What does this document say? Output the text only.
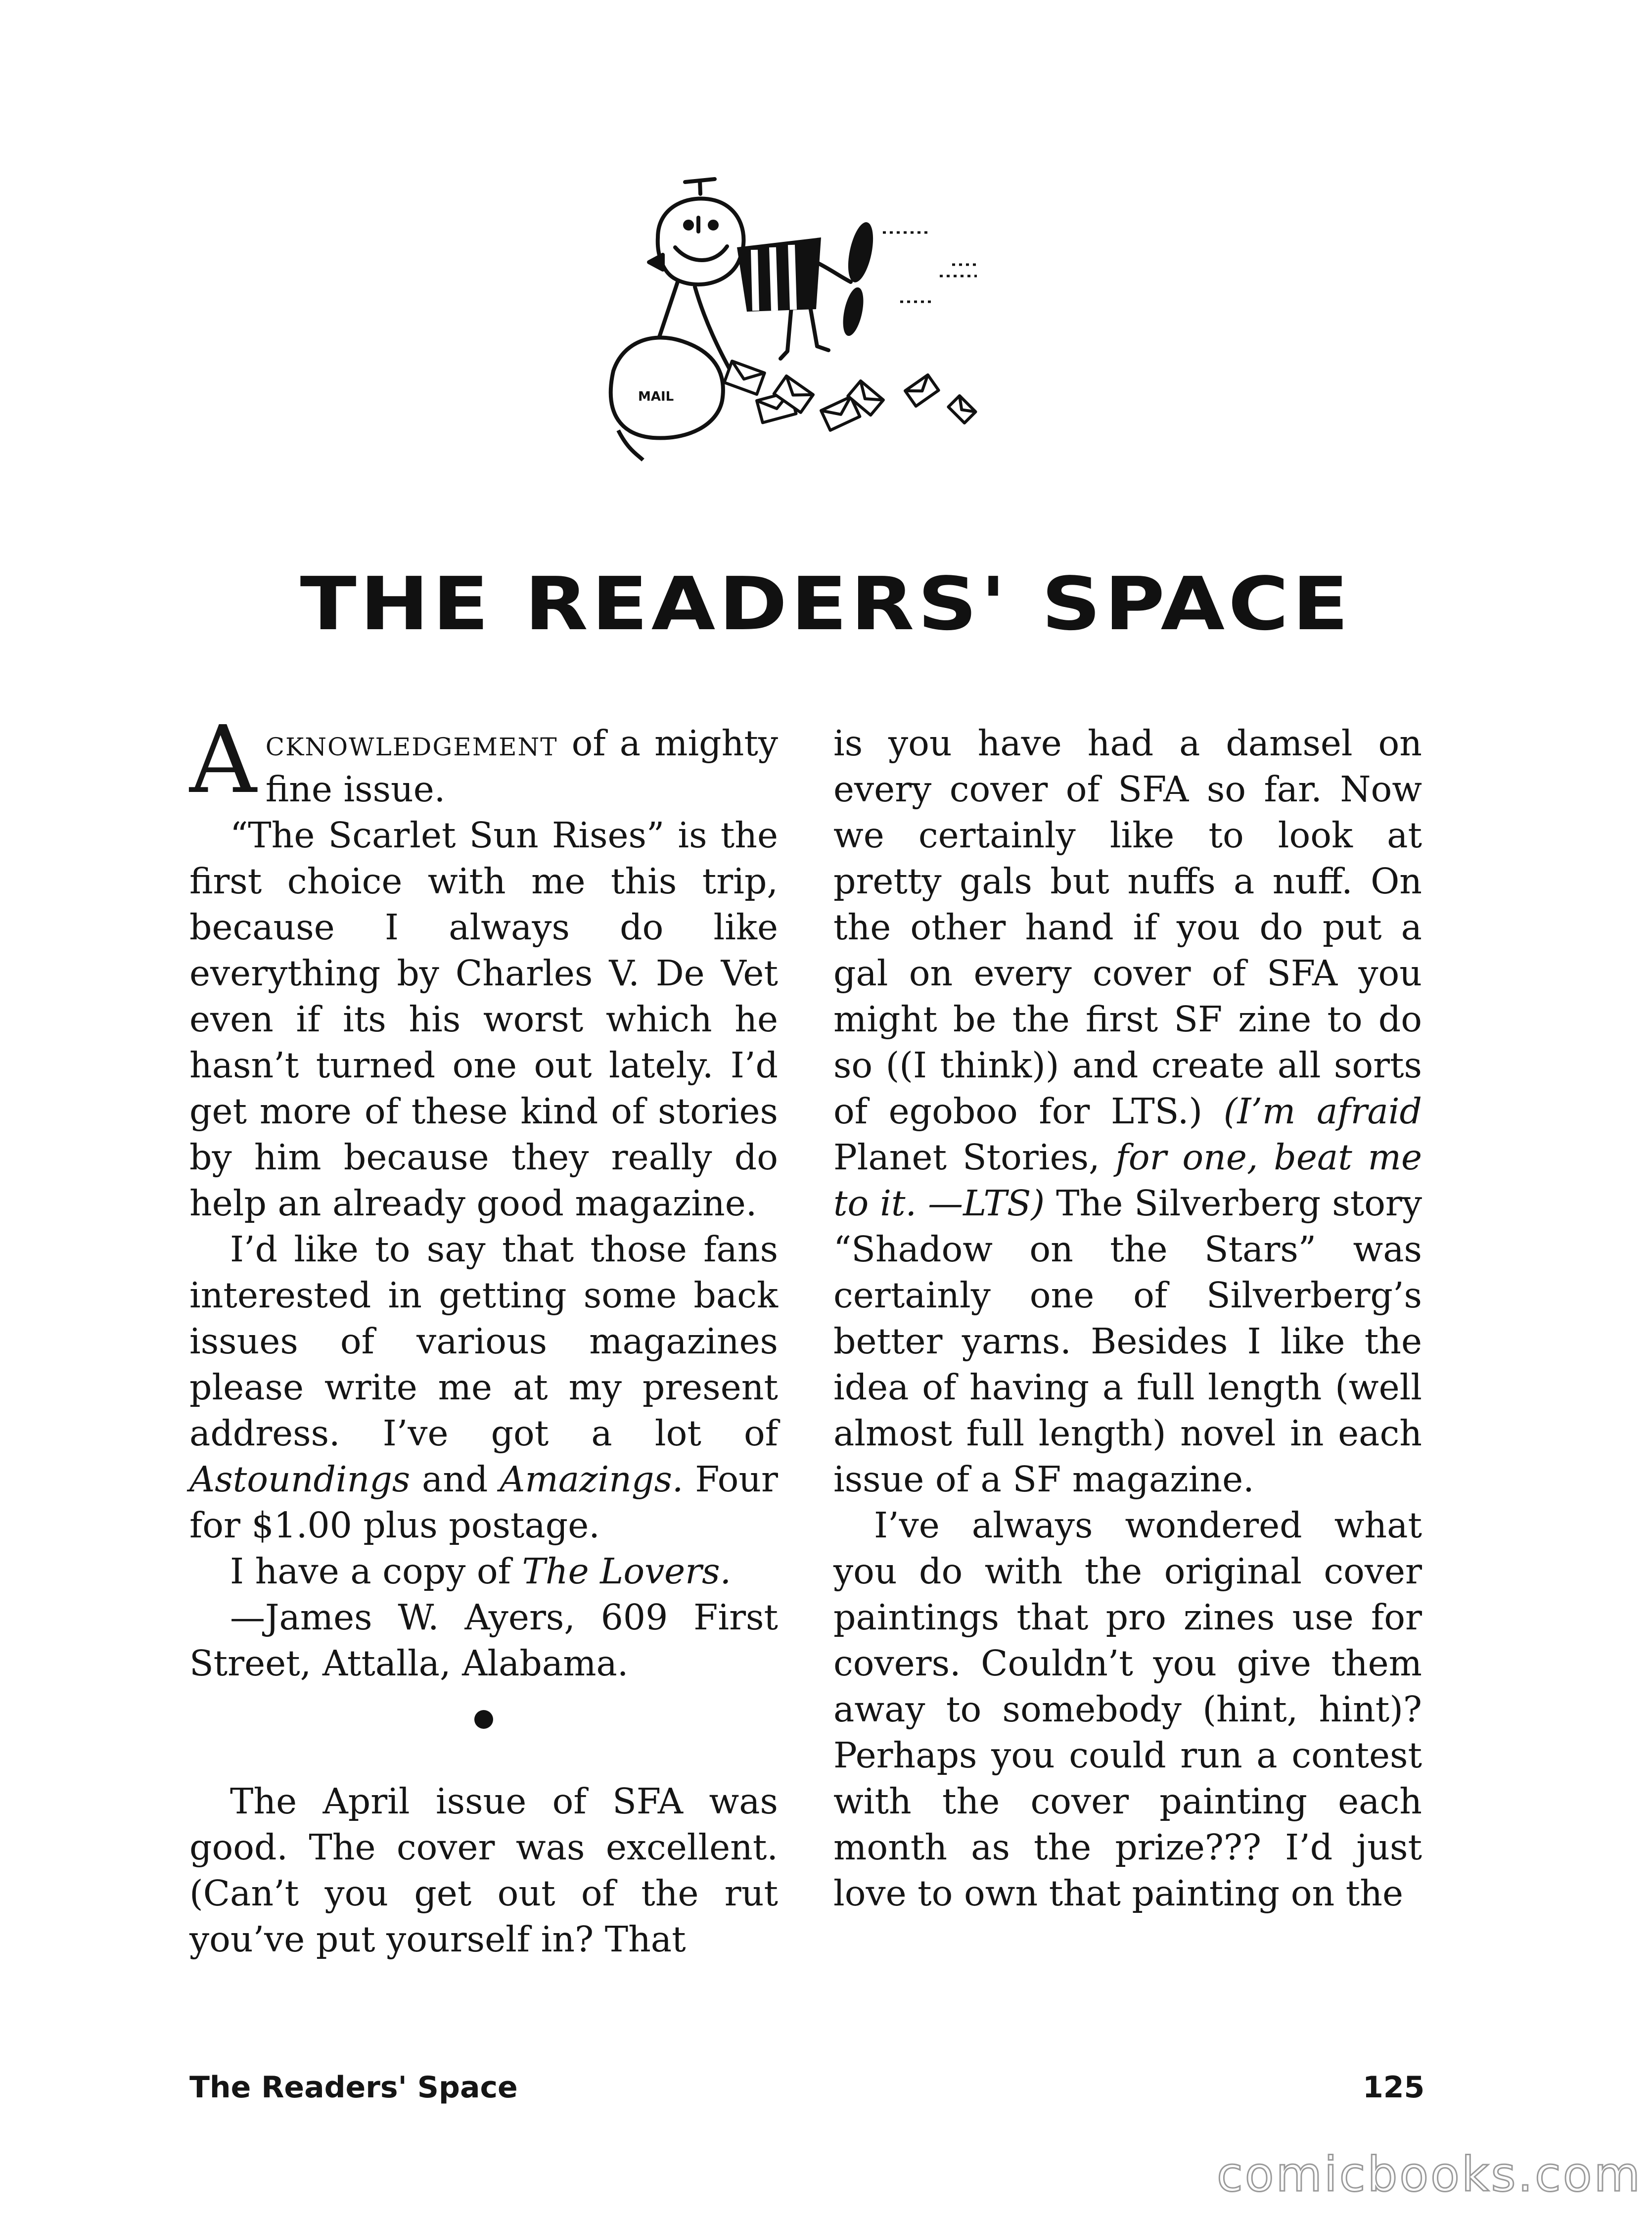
MAIL
THE READERS' SPACE

Acknowledgement of a mighty fine issue.

“The Scarlet Sun Rises” is the first choice with me this trip, because I always do like everything by Charles V. De Vet even if its his worst which he hasn’t turned one out lately. I’d get more of these kind of stories by him because they really do help an already good magazine.

I’d like to say that those fans interested in getting some back issues of various magazines please write me at my present address. I’ve got a lot of Astoundings and Amazings. Four for $1.00 plus postage.

I have a copy of The Lovers.

—James W. Ayers, 609 First Street, Attalla, Alabama.

The April issue of SFA was good. The cover was excellent. (Can’t you get out of the rut you’ve put yourself in? That

is you have had a damsel on every cover of SFA so far. Now we certainly like to look at pretty gals but nuffs a nuff. On the other hand if you do put a gal on every cover of SFA you might be the first SF zine to do so ((I think)) and create all sorts of egoboo for LTS.) (I’m afraid Planet Stories, for one, beat me to it. —LTS) The Silverberg story “Shadow on the Stars” was certainly one of Silverberg’s better yarns. Besides I like the idea of having a full length (well almost full length) novel in each issue of a SF magazine.

I’ve always wondered what you do with the original cover paintings that pro zines use for covers. Couldn’t you give them away to somebody (hint, hint)? Perhaps you could run a contest with the cover painting each month as the prize??? I’d just love to own that painting on the

The Readers' Space	125
comicbooks.com
